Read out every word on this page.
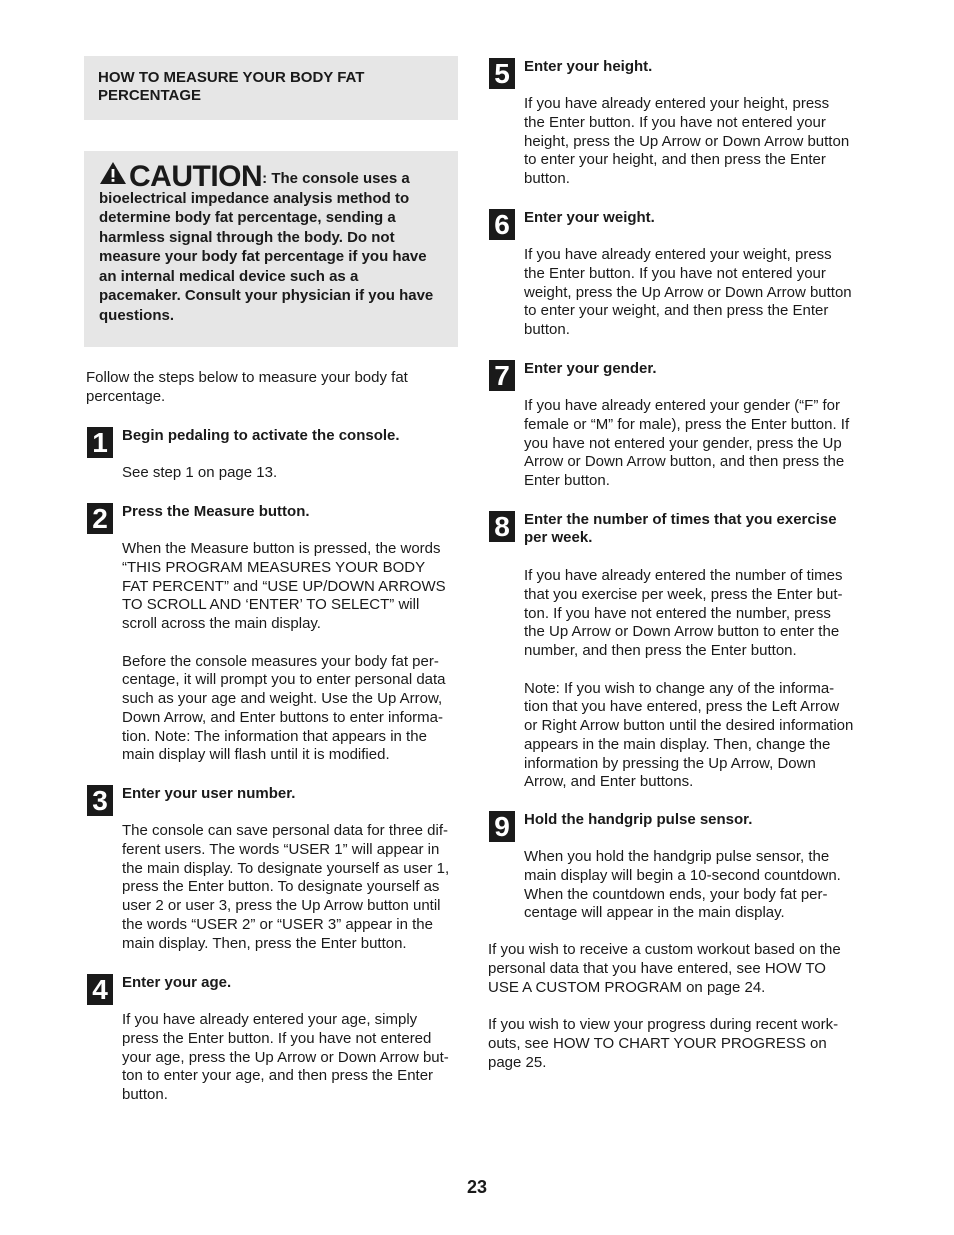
HOW TO MEASURE YOUR BODY FAT
PERCENTAGE

CAUTION: The console uses a bioelectrical impedance analysis method to determine body fat percentage, sending a harmless signal through the body. Do not measure your body fat percentage if you have an internal medical device such as a pacemaker. Consult your physician if you have questions.
Follow the steps below to measure your body fat
percentage.
1 Begin pedaling to activate the console.
See step 1 on page 13.
2 Press the Measure button.
When the Measure button is pressed, the words
“THIS PROGRAM MEASURES YOUR BODY
FAT PERCENT” and “USE UP/DOWN ARROWS
TO SCROLL AND ‘ENTER’ TO SELECT” will
scroll across the main display.

Before the console measures your body fat per-
centage, it will prompt you to enter personal data
such as your age and weight. Use the Up Arrow,
Down Arrow, and Enter buttons to enter informa-
tion. Note: The information that appears in the
main display will flash until it is modified.
3 Enter your user number.
The console can save personal data for three dif-
ferent users. The words “USER 1” will appear in
the main display. To designate yourself as user 1,
press the Enter button. To designate yourself as
user 2 or user 3, press the Up Arrow button until
the words “USER 2” or “USER 3” appear in the
main display. Then, press the Enter button.
4 Enter your age.
If you have already entered your age, simply
press the Enter button. If you have not entered
your age, press the Up Arrow or Down Arrow but-
ton to enter your age, and then press the Enter
button.
5 Enter your height.
If you have already entered your height, press
the Enter button. If you have not entered your
height, press the Up Arrow or Down Arrow button
to enter your height, and then press the Enter
button.
6 Enter your weight.
If you have already entered your weight, press
the Enter button. If you have not entered your
weight, press the Up Arrow or Down Arrow button
to enter your weight, and then press the Enter
button.
7 Enter your gender.
If you have already entered your gender (“F” for
female or “M” for male), press the Enter button. If
you have not entered your gender, press the Up
Arrow or Down Arrow button, and then press the
Enter button.
8 Enter the number of times that you exercise
per week.
If you have already entered the number of times
that you exercise per week, press the Enter but-
ton. If you have not entered the number, press
the Up Arrow or Down Arrow button to enter the
number, and then press the Enter button.

Note: If you wish to change any of the informa-
tion that you have entered, press the Left Arrow
or Right Arrow button until the desired information
appears in the main display. Then, change the
information by pressing the Up Arrow, Down
Arrow, and Enter buttons.
9 Hold the handgrip pulse sensor.
When you hold the handgrip pulse sensor, the
main display will begin a 10-second countdown.
When the countdown ends, your body fat per-
centage will appear in the main display.
If you wish to receive a custom workout based on the
personal data that you have entered, see HOW TO
USE A CUSTOM PROGRAM on page 24.
If you wish to view your progress during recent work-
outs, see HOW TO CHART YOUR PROGRESS on
page 25.
23
